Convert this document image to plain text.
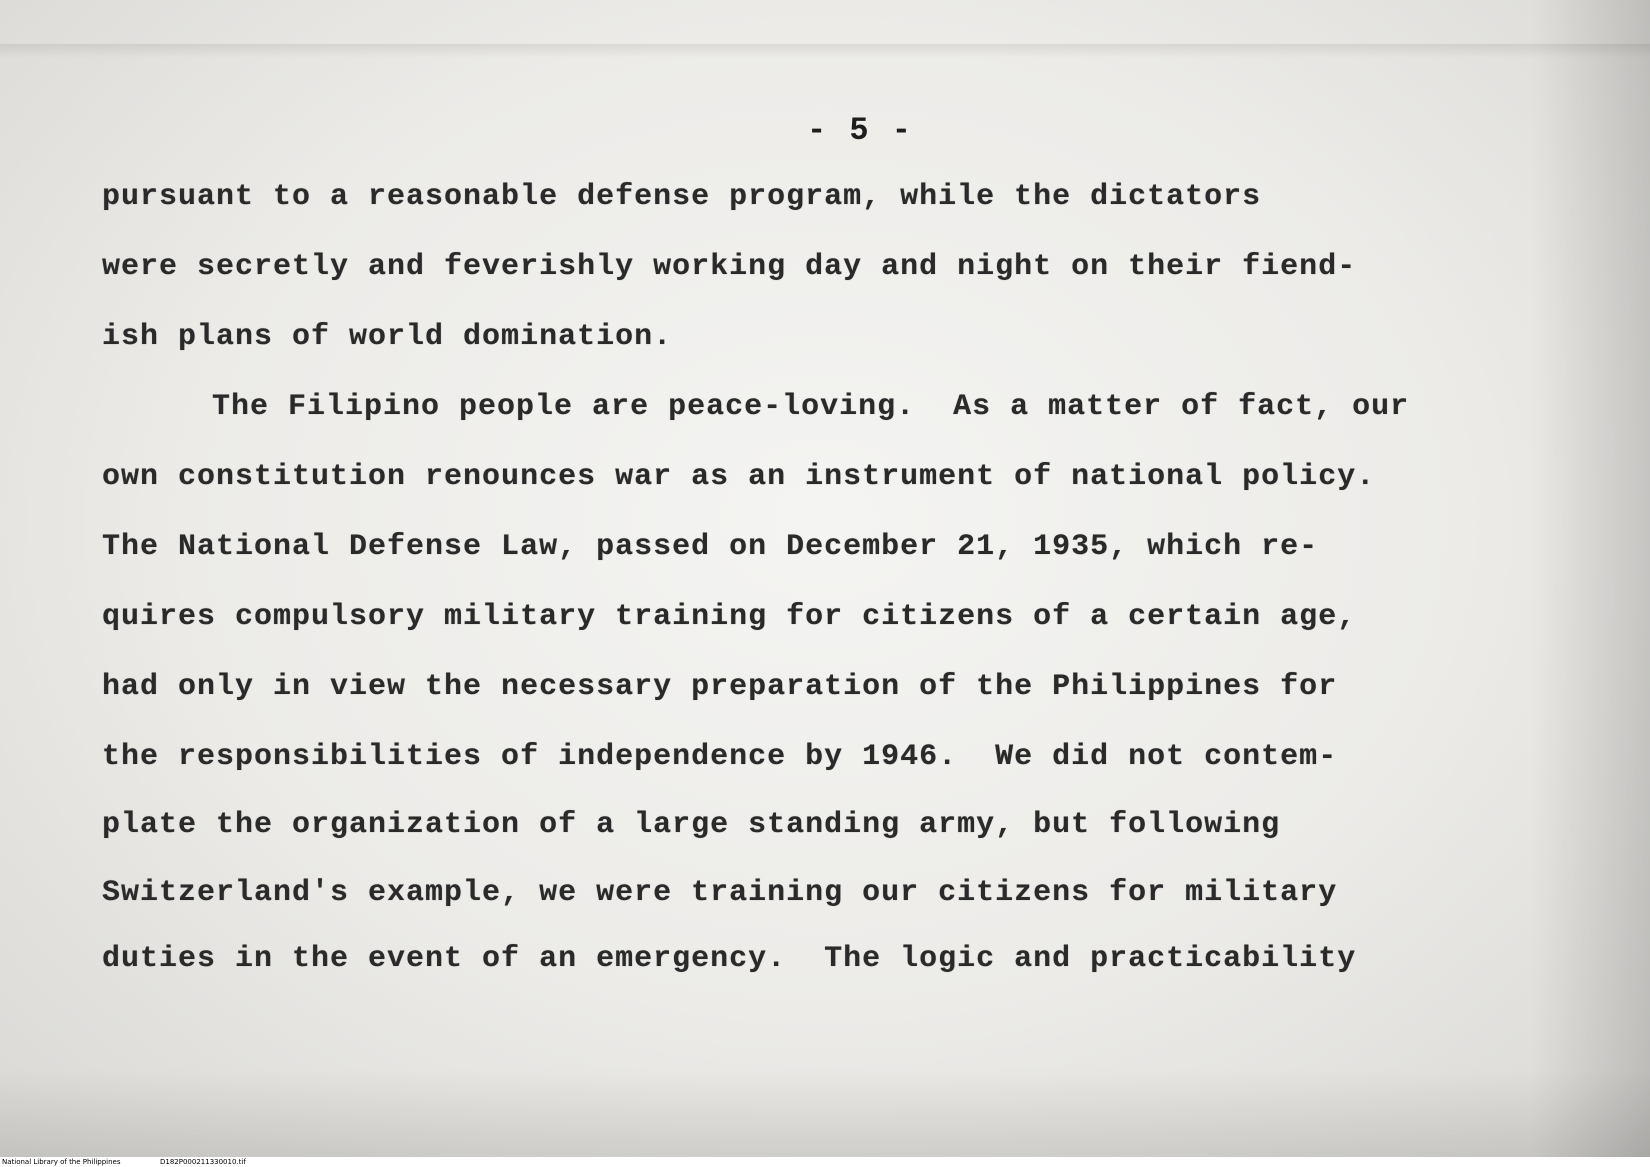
- 5 -
pursuant to a reasonable defense program, while the dictators
were secretly and feverishly working day and night on their fiend-
ish plans of world domination.
The Filipino people are peace-loving.  As a matter of fact, our
own constitution renounces war as an instrument of national policy.
The National Defense Law, passed on December 21, 1935, which re-
quires compulsory military training for citizens of a certain age,
had only in view the necessary preparation of the Philippines for
the responsibilities of independence by 1946.  We did not contem-
plate the organization of a large standing army, but following
Switzerland's example, we were training our citizens for military
duties in the event of an emergency.  The logic and practicability
National Library of the Philippines	D182P000211330010.tif
